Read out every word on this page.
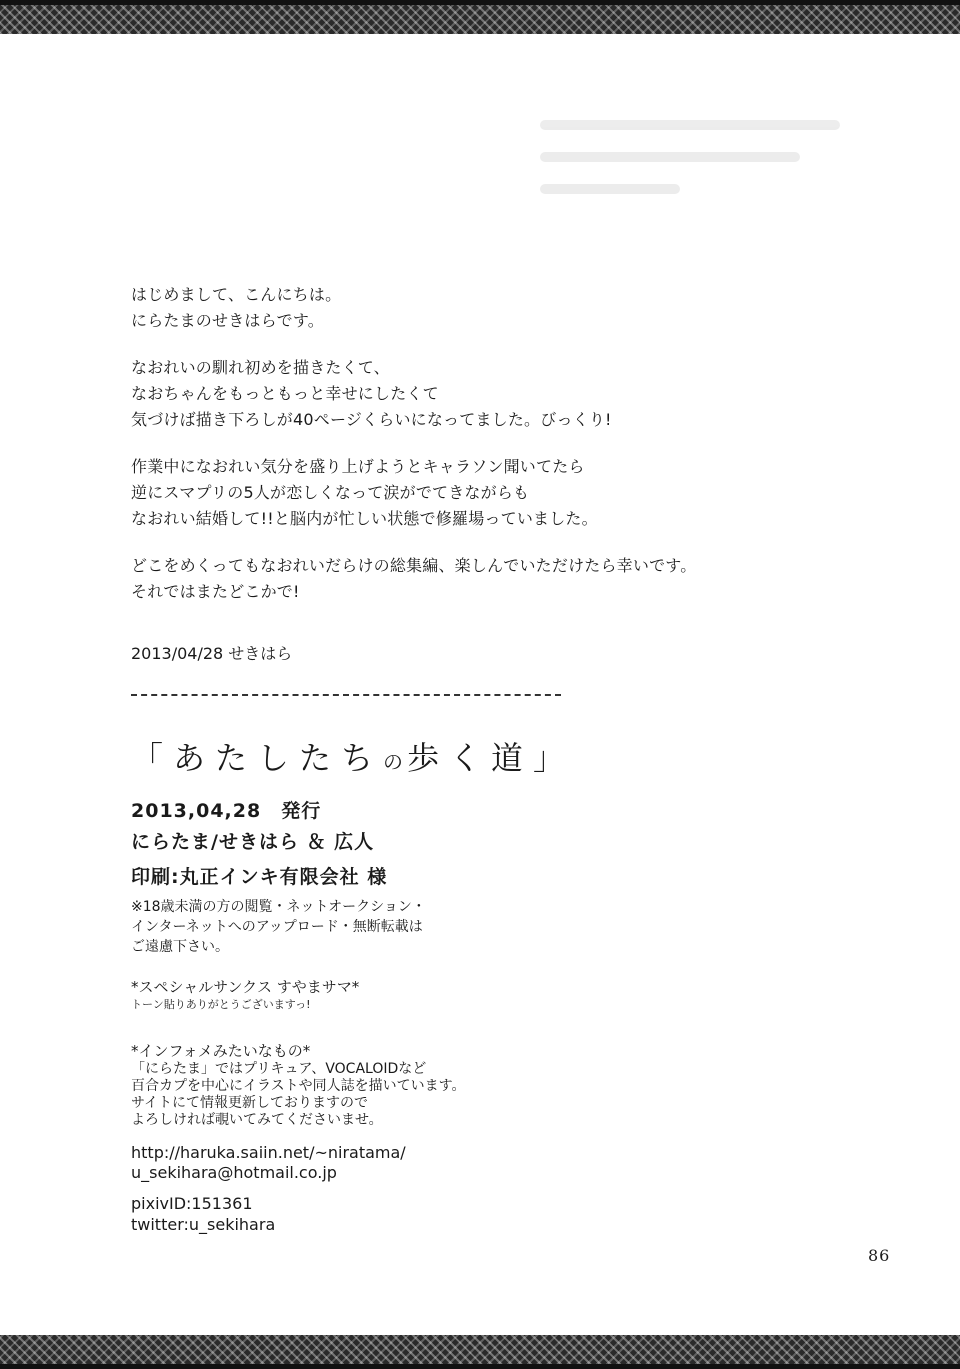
はじめまして、こんにちは。
にらたまのせきはらです。

なおれいの馴れ初めを描きたくて、
なおちゃんをもっともっと幸せにしたくて
気づけば描き下ろしが40ページくらいになってました。びっくり!

作業中になおれい気分を盛り上げようとキャラソン聞いてたら
逆にスマプリの5人が恋しくなって涙がでてきながらも
なおれい結婚して!!と脳内が忙しい状態で修羅場っていました。

どこをめくってもなおれいだらけの総集編、楽しんでいただけたら幸いです。
それではまたどこかで!

2013/04/28 せきはら
「あたしたちの歩く道」
2013,04,28　発行
にらたま/せきはら ＆ 広人
印刷:丸正インキ有限会社 様
※18歳未満の方の閲覧・ネットオークション・
インターネットへのアップロード・無断転載は
ご遠慮下さい。
*スペシャルサンクス すやまサマ*
トーン貼りありがとうございますっ!
*インフォメみたいなもの*
「にらたま」ではプリキュア、VOCALOIDなど
百合カプを中心にイラストや同人誌を描いています。
サイトにて情報更新しておりますので
よろしければ覗いてみてくださいませ。
http://haruka.saiin.net/~niratama/
u_sekihara@hotmail.co.jp
pixivID:151361
twitter:u_sekihara
86
